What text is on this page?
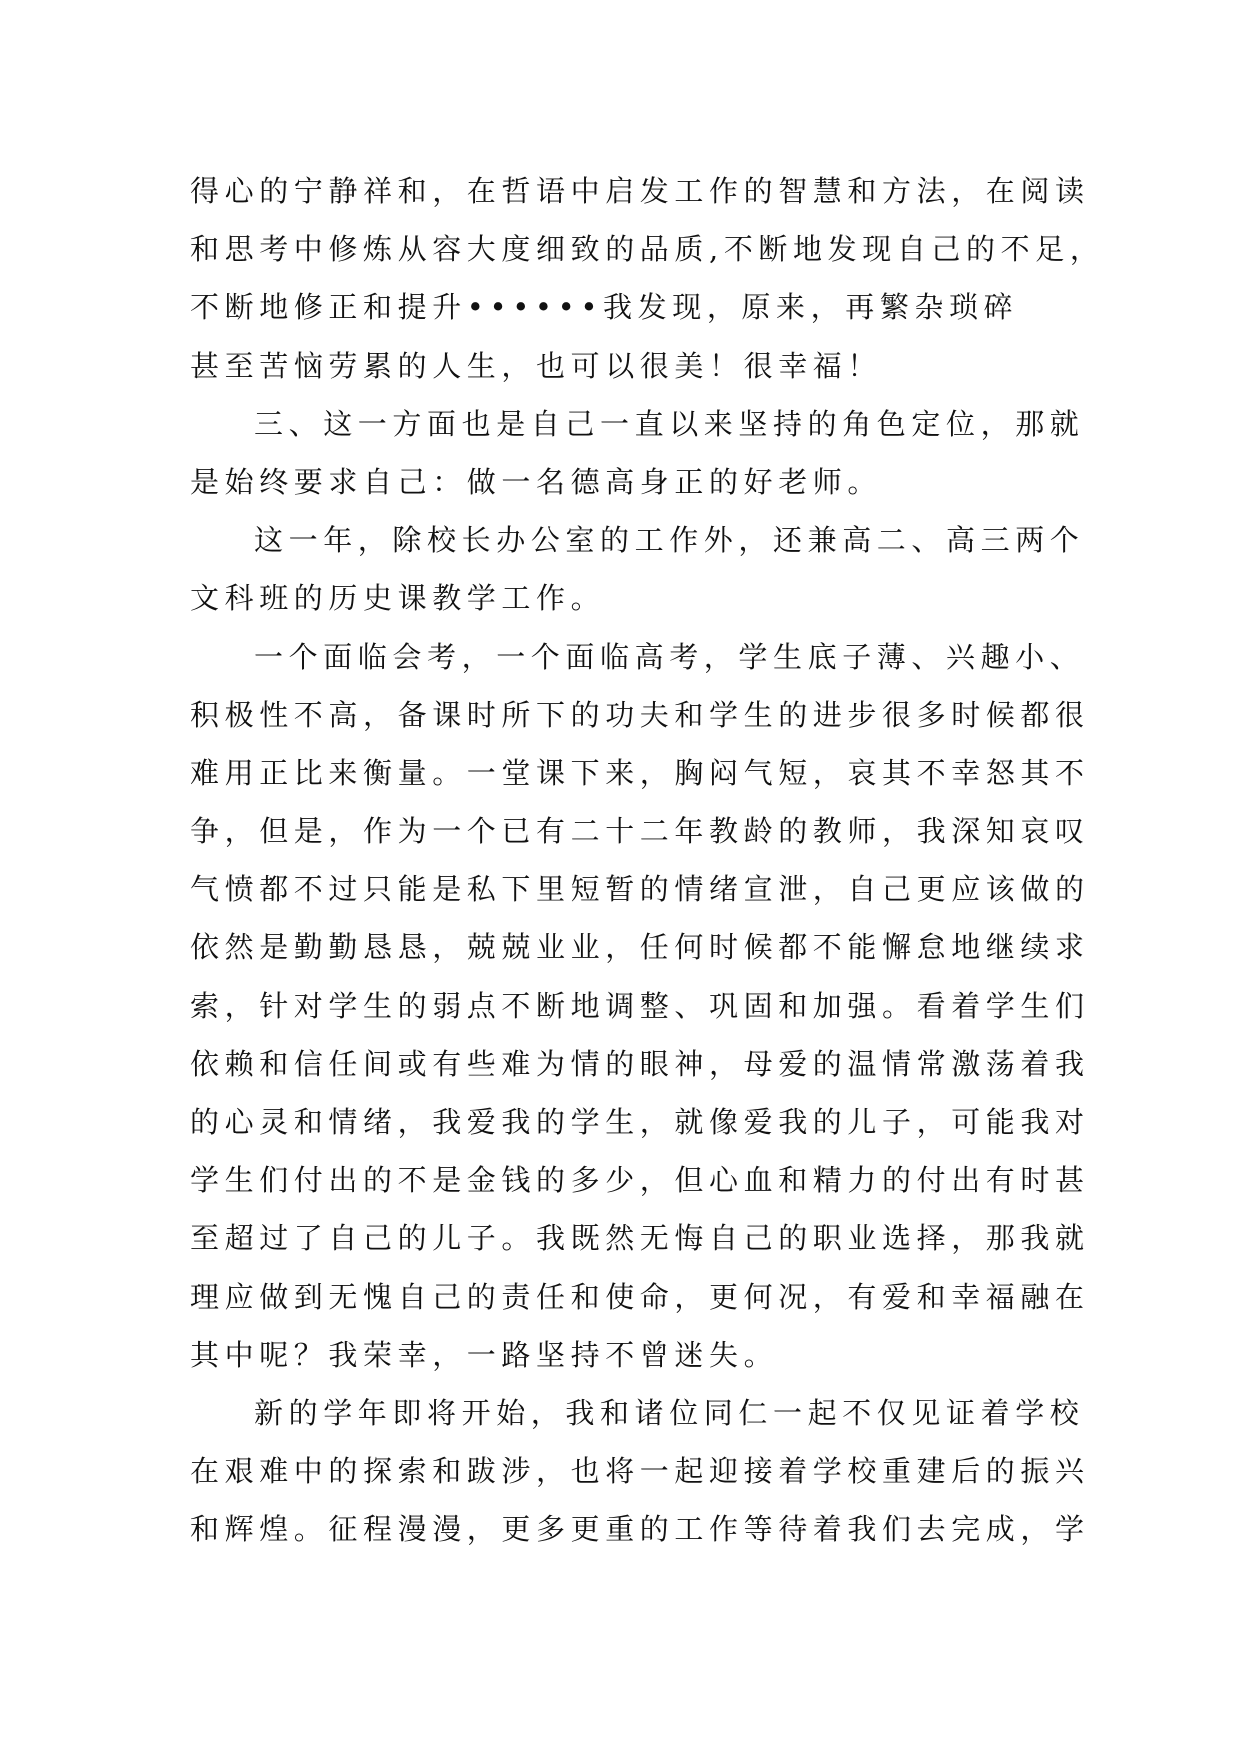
得心的宁静祥和，在哲语中启发工作的智慧和方法，在阅读
和思考中修炼从容大度细致的品质,不断地发现自己的不足，
不断地修正和提升••••••我发现，原来，再繁杂琐碎
甚至苦恼劳累的人生，也可以很美！很幸福！
三、这一方面也是自己一直以来坚持的角色定位，那就
是始终要求自己：做一名德高身正的好老师。
这一年，除校长办公室的工作外，还兼高二、高三两个
文科班的历史课教学工作。
一个面临会考，一个面临高考，学生底子薄、兴趣小、
积极性不高，备课时所下的功夫和学生的进步很多时候都很
难用正比来衡量。一堂课下来，胸闷气短，哀其不幸怒其不
争，但是，作为一个已有二十二年教龄的教师，我深知哀叹
气愤都不过只能是私下里短暂的情绪宣泄，自己更应该做的
依然是勤勤恳恳，兢兢业业，任何时候都不能懈怠地继续求
索，针对学生的弱点不断地调整、巩固和加强。看着学生们
依赖和信任间或有些难为情的眼神，母爱的温情常激荡着我
的心灵和情绪，我爱我的学生，就像爱我的儿子，可能我对
学生们付出的不是金钱的多少，但心血和精力的付出有时甚
至超过了自己的儿子。我既然无悔自己的职业选择，那我就
理应做到无愧自己的责任和使命，更何况，有爱和幸福融在
其中呢？我荣幸，一路坚持不曾迷失。
新的学年即将开始，我和诸位同仁一起不仅见证着学校
在艰难中的探索和跋涉，也将一起迎接着学校重建后的振兴
和辉煌。征程漫漫，更多更重的工作等待着我们去完成，学
